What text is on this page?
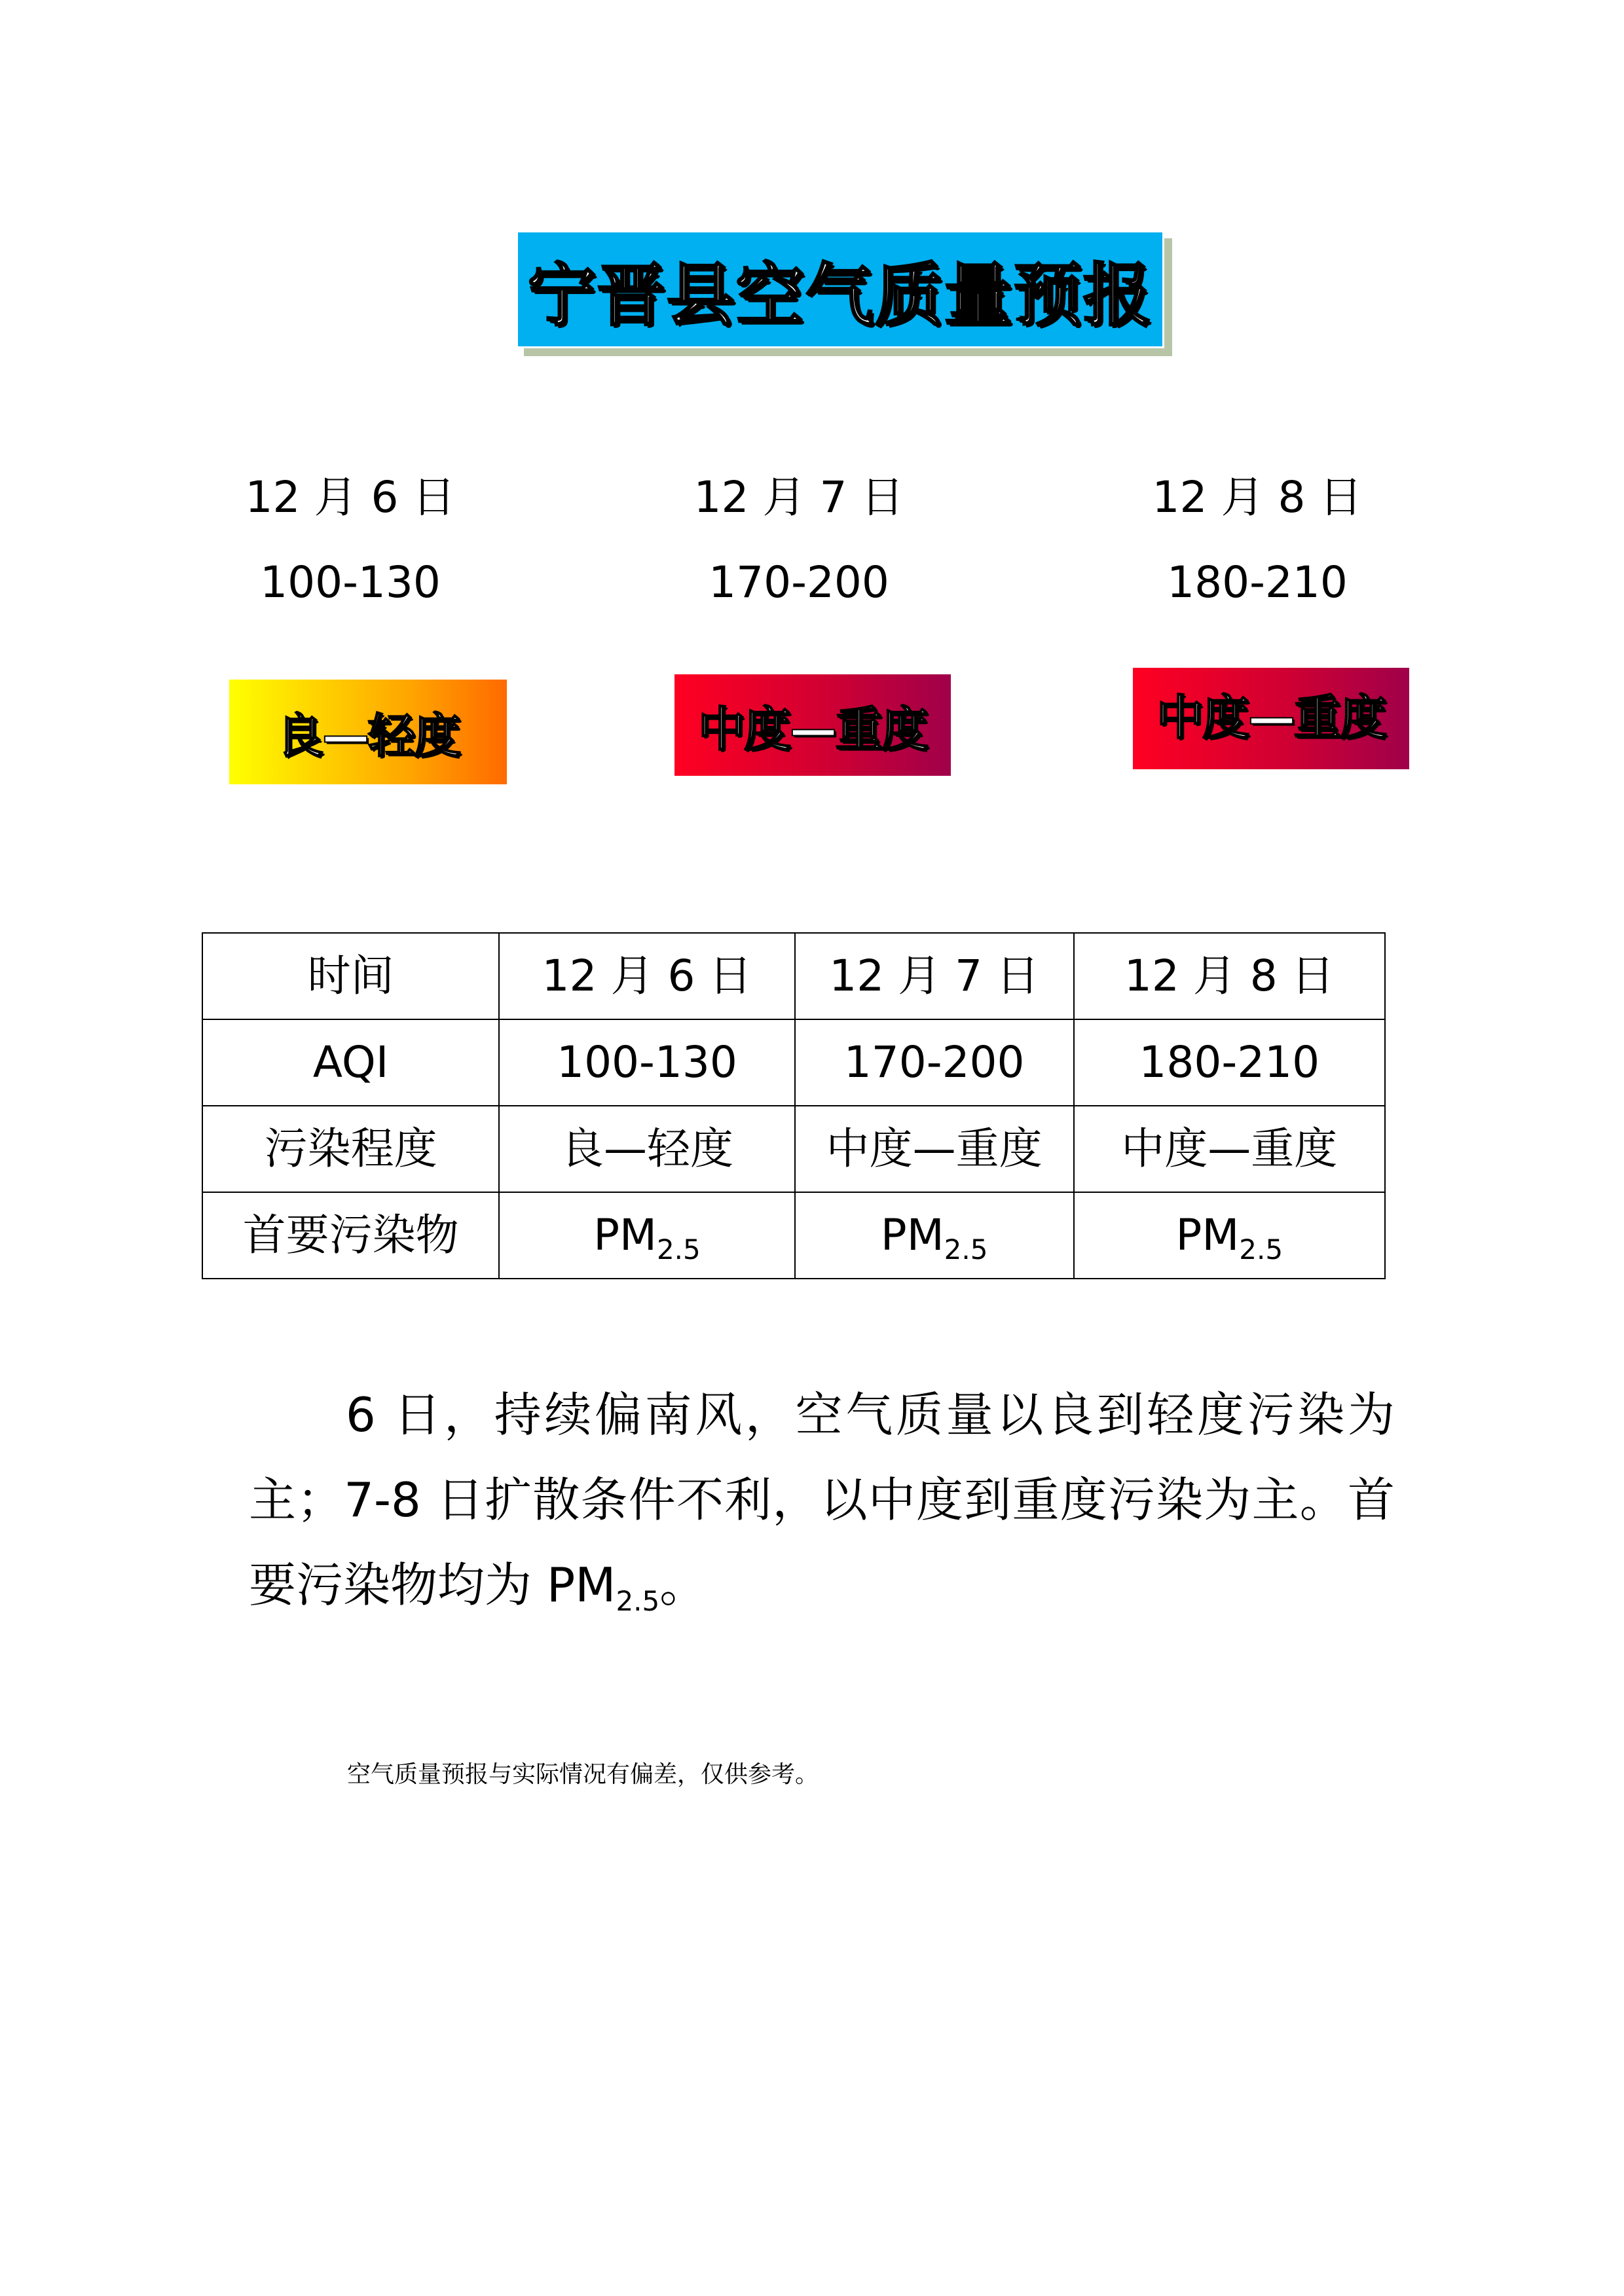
宁晋县空气质量预报
12 月 6 日	12 月 7 日	12 月 8 日
100-130	170-200	180-210
良—轻度	中度—重度	中度—重度
时间	12 月 6 日	12 月 7 日	12 月 8 日
AQI	100-130	170-200	180-210
污染程度	良—轻度	中度—重度	中度—重度
首要污染物	$PM_{2.5}$	$PM_{2.5}$	$PM_{2.5}$
6 日，持续偏南风，空气质量以良到轻度污染为主；7-8 日扩散条件不利，以中度到重度污染为主。首要污染物均为 $PM_{2.5}$。
空气质量预报与实际情况有偏差，仅供参考。
